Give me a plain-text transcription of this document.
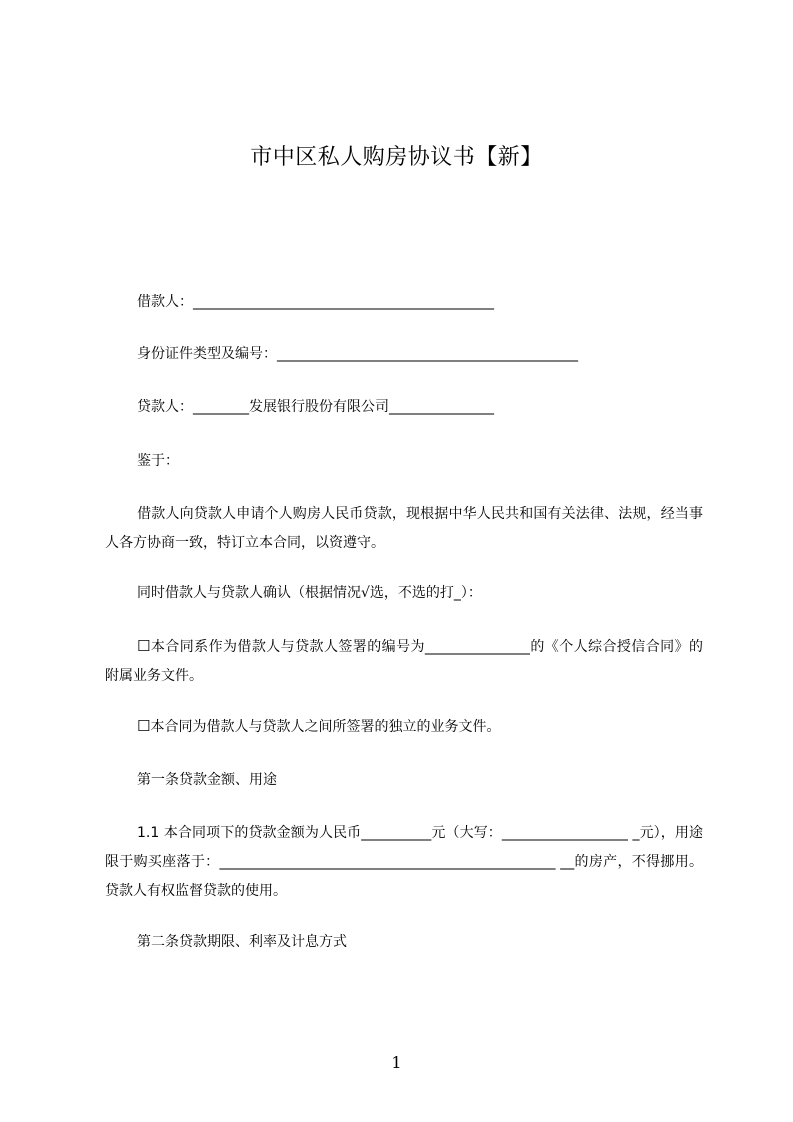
市中区私人购房协议书【新】
借款人：___________________________________________
身份证件类型及编号：___________________________________________
贷款人：________发展银行股份有限公司_______________
鉴于：
借款人向贷款人申请个人购房人民币贷款，现根据中华人民共和国有关法律、法规，经当事人各方协商一致，特订立本合同，以资遵守。
同时借款人与贷款人确认（根据情况√选，不选的打_）：
☐本合同系作为借款人与贷款人签署的编号为_______________的《个人综合授信合同》的附属业务文件。
☐本合同为借款人与贷款人之间所签署的独立的业务文件。
第一条贷款金额、用途
1.1 本合同项下的贷款金额为人民币__________元（大写：__________________ _元），用途限于购买座落于：________________________________________________ __的房产，不得挪用。贷款人有权监督贷款的使用。
第二条贷款期限、利率及计息方式
1
